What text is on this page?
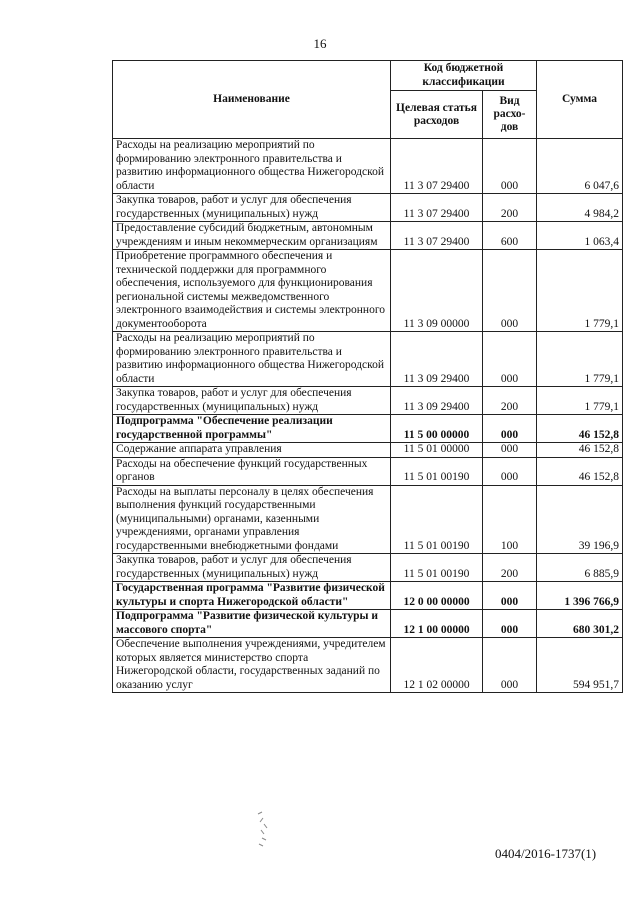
16
Наименование	Код бюджетной классификации		Сумма
	Целевая статья расходов	Вид расхо-дов	
Расходы на реализацию мероприятий по формированию электронного правительства и развитию информационного общества Нижегородской области	11 3 07 29400	000	6 047,6
Закупка товаров, работ и услуг для обеспечения государственных (муниципальных) нужд	11 3 07 29400	200	4 984,2
Предоставление субсидий бюджетным, автономным учреждениям и иным некоммерческим организациям	11 3 07 29400	600	1 063,4
Приобретение программного обеспечения и технической поддержки для программного обеспечения, используемого для функционирования региональной системы межведомственного электронного взаимодействия и системы электронного документооборота	11 3 09 00000	000	1 779,1
Расходы на реализацию мероприятий по формированию электронного правительства и развитию информационного общества Нижегородской области	11 3 09 29400	000	1 779,1
Закупка товаров, работ и услуг для обеспечения государственных (муниципальных) нужд	11 3 09 29400	200	1 779,1
Подпрограмма "Обеспечение реализации государственной программы"	11 5 00 00000	000	46 152,8
Содержание аппарата управления	11 5 01 00000	000	46 152,8
Расходы на обеспечение функций государственных органов	11 5 01 00190	000	46 152,8
Расходы на выплаты персоналу в целях обеспечения выполнения функций государственными (муниципальными) органами, казенными учреждениями, органами управления государственными внебюджетными фондами	11 5 01 00190	100	39 196,9
Закупка товаров, работ и услуг для обеспечения государственных (муниципальных) нужд	11 5 01 00190	200	6 885,9
Государственная программа "Развитие физической культуры и спорта Нижегородской области"	12 0 00 00000	000	1 396 766,9
Подпрограмма "Развитие физической культуры и массового спорта"	12 1 00 00000	000	680 301,2
Обеспечение выполнения учреждениями, учредителем которых является министерство спорта Нижегородской области, государственных заданий по оказанию услуг	12 1 02 00000	000	594 951,7
0404/2016-1737(1)
